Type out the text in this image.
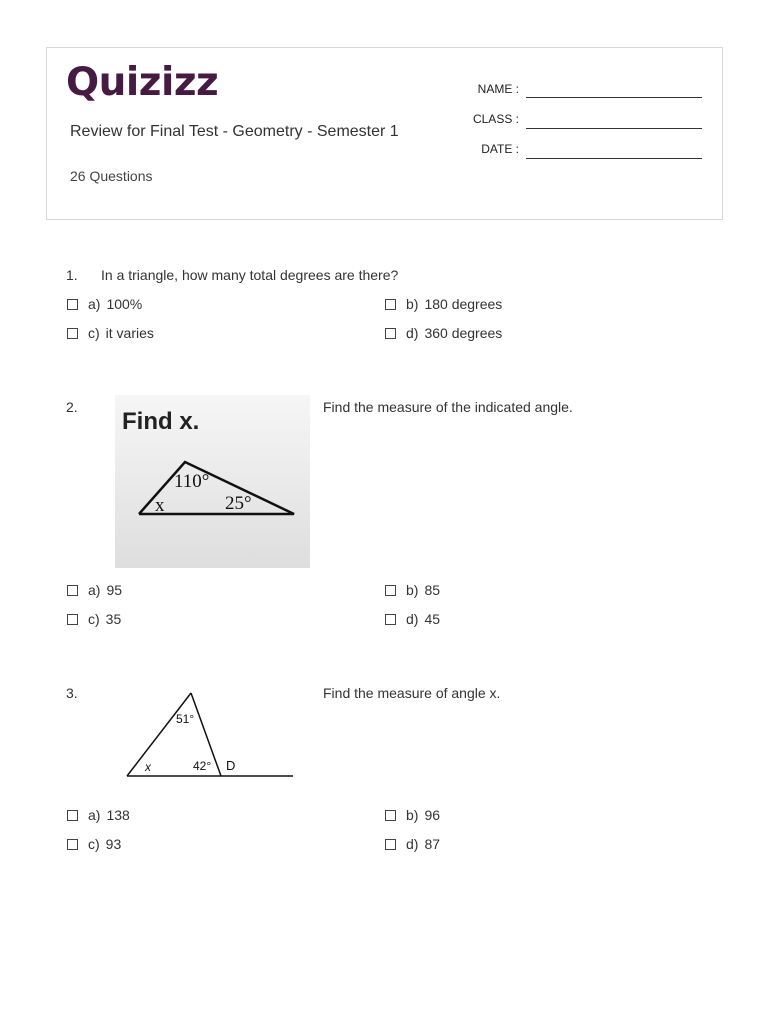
Quizizz
Review for Final Test - Geometry - Semester 1
26 Questions
NAME :
CLASS :
DATE :
1. In a triangle, how many total degrees are there?
a) 100%	b) 180 degrees
c) it varies	d) 360 degrees
2.	Find the measure of the indicated angle.
Find x.
110°
25°
x
a) 95	b) 85
c) 35	d) 45
3.	Find the measure of angle x.
51°
42°
x	D
a) 138	b) 96
c) 93	d) 87
